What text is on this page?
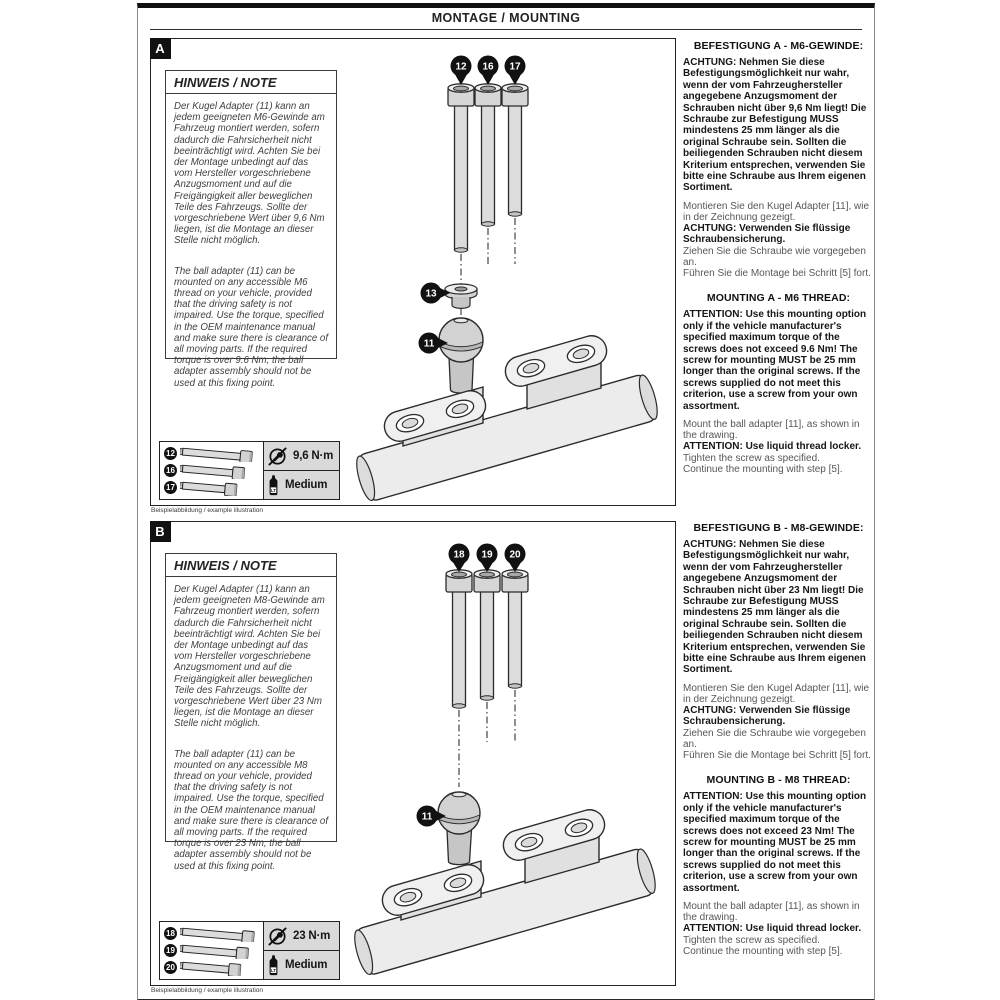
MONTAGE / MOUNTING
A
HINWEIS / NOTE

Der Kugel Adapter (11) kann an jedem geeigneten M6-Gewinde am Fahrzeug montiert werden, sofern dadurch die Fahrsicherheit nicht beeinträchtigt wird. Achten Sie bei der Montage unbedingt auf das vom Hersteller vorgeschriebene Anzugsmoment und auf die Freigängigkeit aller beweglichen Teile des Fahrzeugs. Sollte der vorgeschriebene Wert über 9,6 Nm liegen, ist die Montage an dieser Stelle nicht möglich.

The ball adapter (11) can be mounted on any accessible M6 thread on your vehicle, provided that the driving safety is not impaired. Use the torque, specified in the OEM maintenance manual and make sure there is clearance of all moving parts. If the required torque is over 9.6 Nm, the ball adapter assembly should not be used at this fixing point.

12 16 17
13
11
12
16
17
9,6 N·m
LT Medium
Beispielabbildung / example illustration
B
HINWEIS / NOTE

Der Kugel Adapter (11) kann an jedem geeigneten M8-Gewinde am Fahrzeug montiert werden, sofern dadurch die Fahrsicherheit nicht beeinträchtigt wird. Achten Sie bei der Montage unbedingt auf das vom Hersteller vorgeschriebene Anzugsmoment und auf die Freigängigkeit aller beweglichen Teile des Fahrzeugs. Sollte der vorgeschriebene Wert über 23 Nm liegen, ist die Montage an dieser Stelle nicht möglich.

The ball adapter (11) can be mounted on any accessible M8 thread on your vehicle, provided that the driving safety is not impaired. Use the torque, specified in the OEM maintenance manual and make sure there is clearance of all moving parts. If the required torque is over 23 Nm, the ball adapter assembly should not be used at this fixing point.

18 19 20
11
18
19
20
23 N·m
LT Medium
Beispielabbildung / example illustration
BEFESTIGUNG A - M6-GEWINDE:

ACHTUNG: Nehmen Sie diese Befestigungsmöglichkeit nur wahr, wenn der vom Fahrzeughersteller angegebene Anzugsmoment der Schrauben nicht über 9,6 Nm liegt! Die Schraube zur Befestigung MUSS mindestens 25 mm länger als die original Schraube sein. Sollten die beiliegenden Schrauben nicht diesem Kriterium entsprechen, verwenden Sie bitte eine Schraube aus Ihrem eigenen Sortiment.

Montieren Sie den Kugel Adapter [11], wie in der Zeichnung gezeigt.
ACHTUNG: Verwenden Sie flüssige Schraubensicherung.
Ziehen Sie die Schraube wie vorgegeben an.
Führen Sie die Montage bei Schritt [5] fort.
MOUNTING A - M6 THREAD:

ATTENTION: Use this mounting option only if the vehicle manufacturer's specified maximum torque of the screws does not exceed 9.6 Nm! The screw for mounting MUST be 25 mm longer than the original screws. If the screws supplied do not meet this criterion, use a screw from your own assortment.

Mount the ball adapter [11], as shown in the drawing.
ATTENTION: Use liquid thread locker.
Tighten the screw as specified.
Continue the mounting with step [5].
BEFESTIGUNG B - M8-GEWINDE:

ACHTUNG: Nehmen Sie diese Befestigungsmöglichkeit nur wahr, wenn der vom Fahrzeughersteller angegebene Anzugsmoment der Schrauben nicht über 23 Nm liegt! Die Schraube zur Befestigung MUSS mindestens 25 mm länger als die original Schraube sein. Sollten die beiliegenden Schrauben nicht diesem Kriterium entsprechen, verwenden Sie bitte eine Schraube aus Ihrem eigenen Sortiment.

Montieren Sie den Kugel Adapter [11], wie in der Zeichnung gezeigt.
ACHTUNG: Verwenden Sie flüssige Schraubensicherung.
Ziehen Sie die Schraube wie vorgegeben an.
Führen Sie die Montage bei Schritt [5] fort.
MOUNTING B - M8 THREAD:

ATTENTION: Use this mounting option only if the vehicle manufacturer's specified maximum torque of the screws does not exceed 23 Nm! The screw for mounting MUST be 25 mm longer than the original screws. If the screws supplied do not meet this criterion, use a screw from your own assortment.

Mount the ball adapter [11], as shown in the drawing.
ATTENTION: Use liquid thread locker.
Tighten the screw as specified.
Continue the mounting with step [5].
